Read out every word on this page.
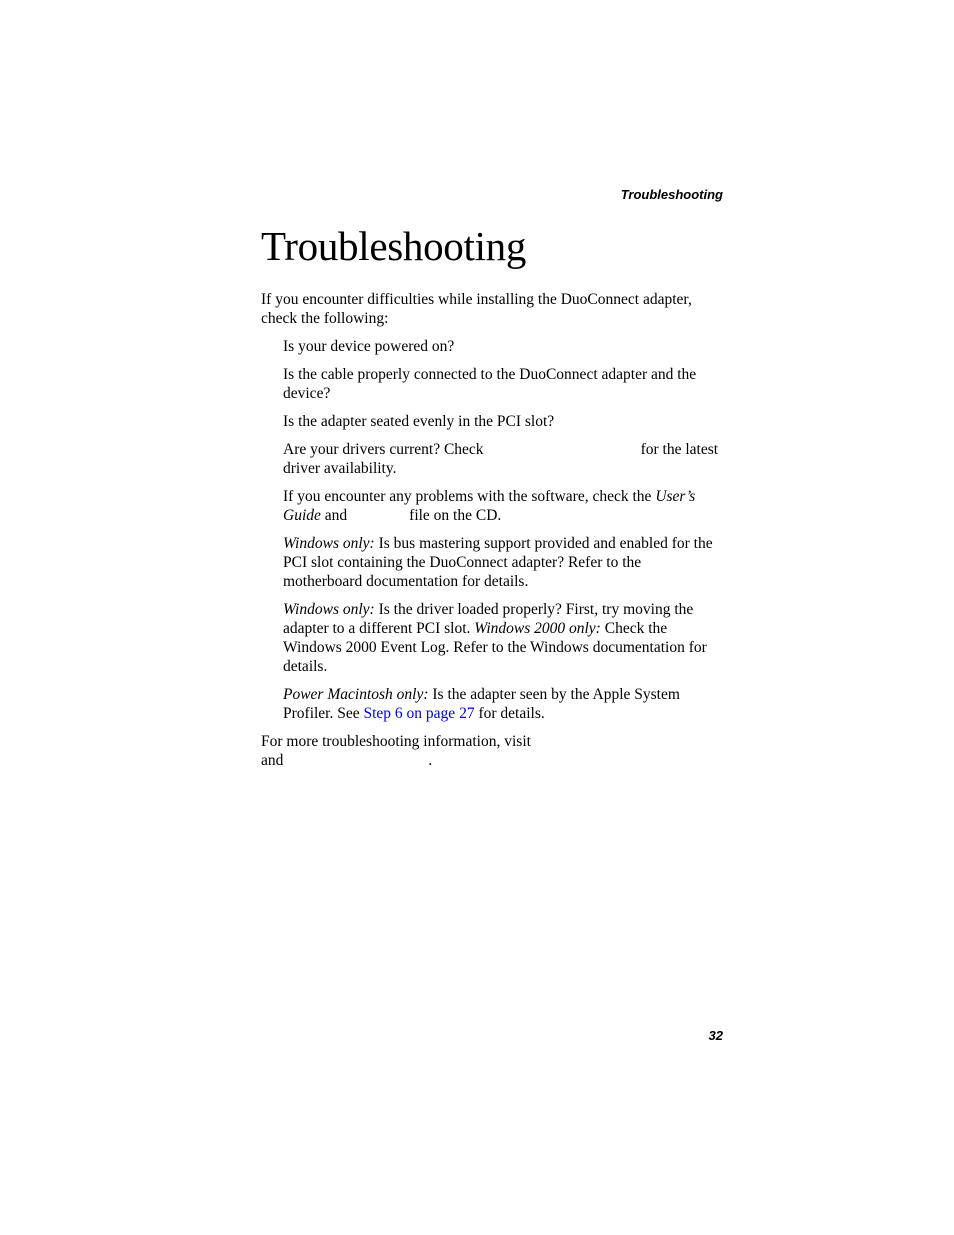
Troubleshooting
Troubleshooting

If you encounter difficulties while installing the DuoConnect adapter, check the following:

Is your device powered on?
Is the cable properly connected to the DuoConnect adapter and the device?
Is the adapter seated evenly in the PCI slot?
Are your drivers current? Check	for the latest driver availability.
If you encounter any problems with the software, check the User’s Guide and	file on the CD.
Windows only: Is bus mastering support provided and enabled for the PCI slot containing the DuoConnect adapter? Refer to the motherboard documentation for details.
Windows only: Is the driver loaded properly? First, try moving the adapter to a different PCI slot. Windows 2000 only: Check the Windows 2000 Event Log. Refer to the Windows documentation for details.
Power Macintosh only: Is the adapter seen by the Apple System Profiler. See Step 6 on page 27 for details.

For more troubleshooting information, visit
and	.

32
